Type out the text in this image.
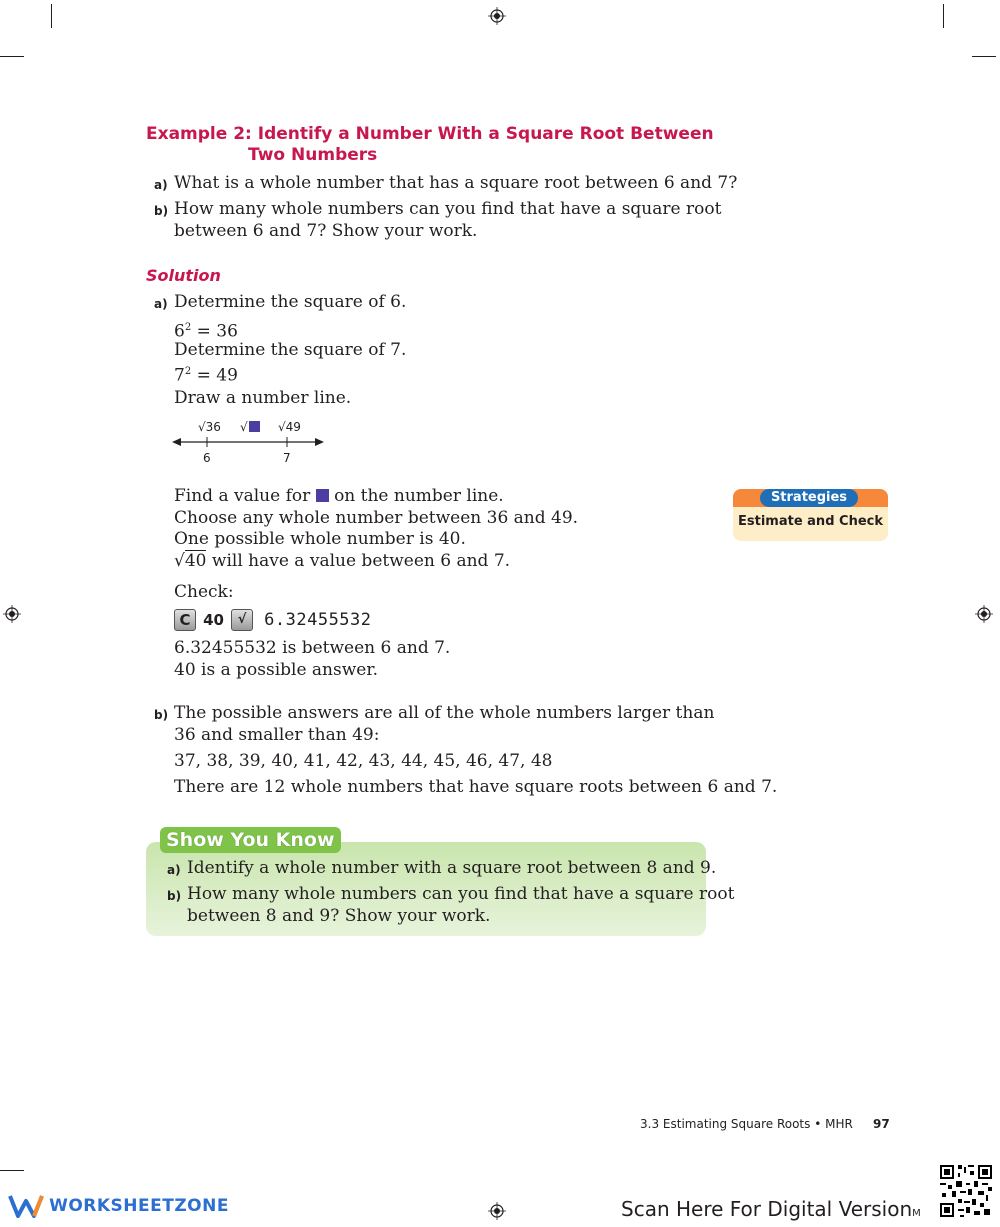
Example 2: Identify a Number With a Square Root Between
Two Numbers
a) What is a whole number that has a square root between 6 and 7?
b) How many whole numbers can you find that have a square root
between 6 and 7? Show your work.
Solution
a) Determine the square of 6.
$6^2 = 36$
Determine the square of 7.
$7^2 = 49$
Draw a number line.
√36 √	√49
6	7
Find a value for on the number line.
Choose any whole number between 36 and 49.
One possible whole number is 40.
√40 will have a value between 6 and 7.
Check:
C 40 √ 6.32455532
6.32455532 is between 6 and 7.
40 is a possible answer.
b) The possible answers are all of the whole numbers larger than
36 and smaller than 49:
37, 38, 39, 40, 41, 42, 43, 44, 45, 46, 47, 48
There are 12 whole numbers that have square roots between 6 and 7.
Strategies
Estimate and Check
Show You Know
a) Identify a whole number with a square root between 8 and 9.
b) How many whole numbers can you find that have a square root
between 8 and 9? Show your work.
3.3 Estimating Square Roots • MHR 97
WORKSHEETZONE	Scan Here For Digital VersionM
